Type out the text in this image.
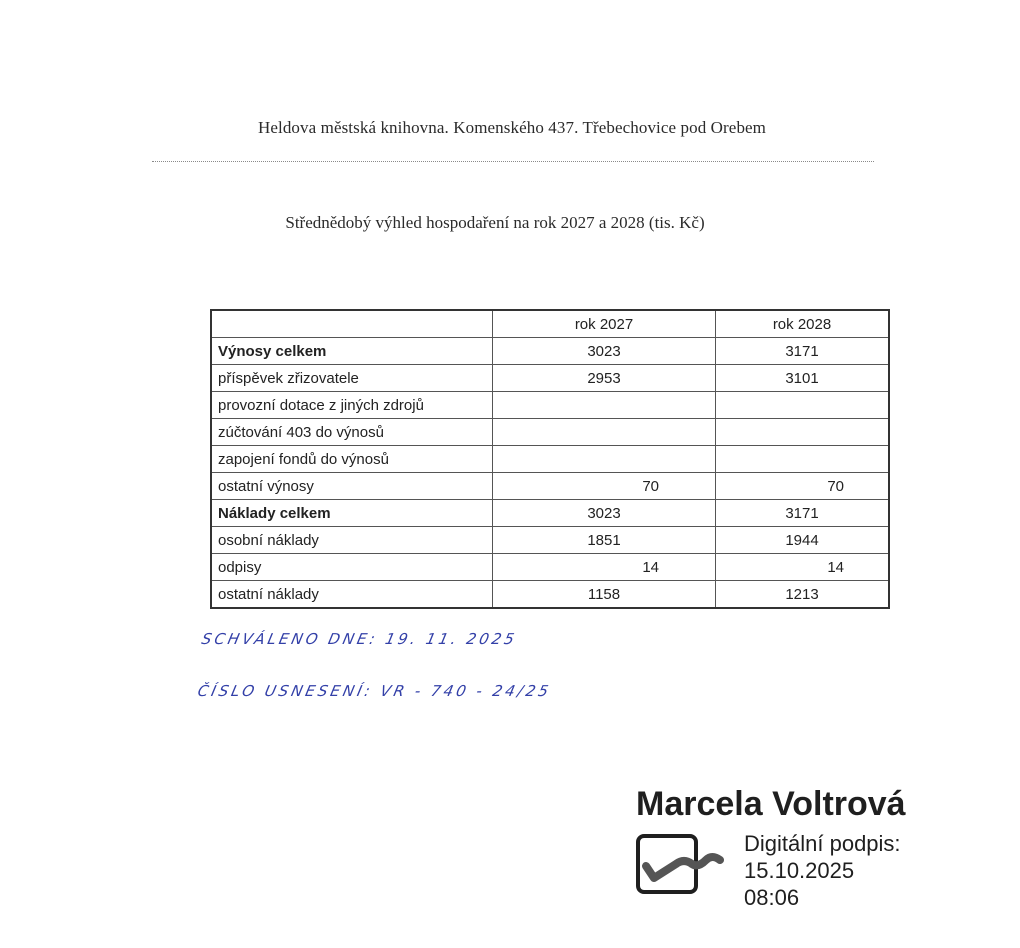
Heldova městská knihovna. Komenského 437. Třebechovice pod Orebem
Střednědobý výhled hospodaření na rok 2027 a 2028 (tis. Kč)
	rok 2027	rok 2028
Výnosy celkem	3023	3171
příspěvek zřizovatele	2953	3101
provozní dotace z jiných zdrojů		
zúčtování 403 do výnosů		
zapojení fondů do výnosů		
ostatní výnosy	70	70
Náklady celkem	3023	3171
osobní náklady	1851	1944
odpisy	14	14
ostatní náklady	1158	1213
SCHVÁLENO DNE: 19. 11. 2025
ČÍSLO USNESENÍ: VR - 740 - 24/25
Marcela Voltrová
Digitální podpis:
15.10.2025
08:06
